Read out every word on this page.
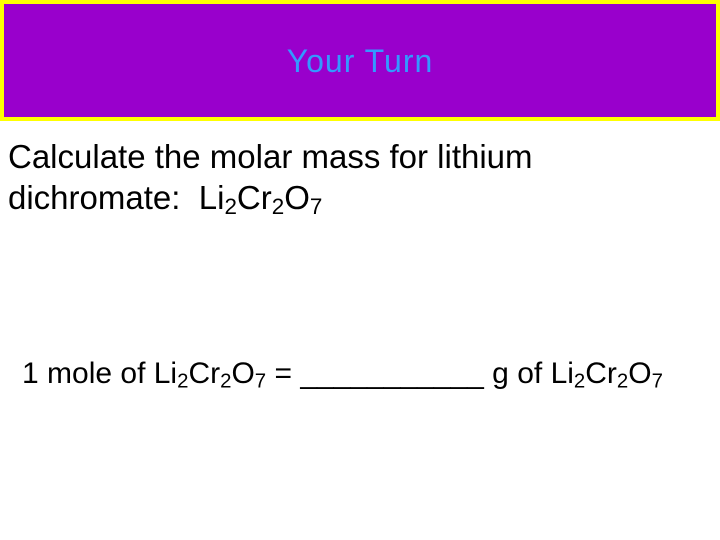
Your Turn
Calculate the molar mass for lithium
dichromate:  $Li_2Cr_2O_7$
1 mole of $Li_2Cr_2O_7$ = ___________ g of $Li_2Cr_2O_7$
